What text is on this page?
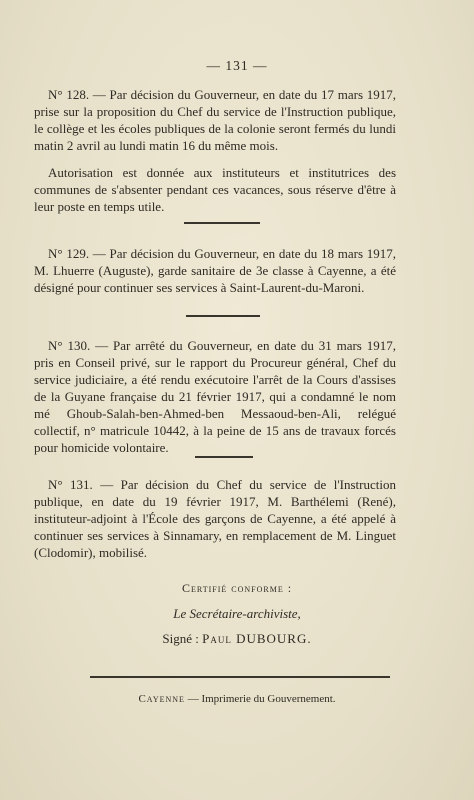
— 131 —

N° 128. — Par décision du Gouverneur, en date du 17 mars 1917, prise sur la proposition du Chef du service de l'Instruction publique, le collège et les écoles publiques de la colonie seront fermés du lundi matin 2 avril au lundi matin 16 du même mois.

Autorisation est donnée aux instituteurs et institutrices des communes de s'absenter pendant ces vacances, sous réserve d'être à leur poste en temps utile.

N° 129. — Par décision du Gouverneur, en date du 18 mars 1917, M. Lhuerre (Auguste), garde sanitaire de 3e classe à Cayenne, a été désigné pour continuer ses services à Saint-Laurent-du-Maroni.

N° 130. — Par arrêté du Gouverneur, en date du 31 mars 1917, pris en Conseil privé, sur le rapport du Procureur général, Chef du service judiciaire, a été rendu exécutoire l'arrêt de la Cours d'assises de la Guyane française du 21 février 1917, qui a condamné le nom mé Ghoub-Salah-ben-Ahmed-ben Messaoud-ben-Ali, relégué collectif, n° matricule 10442, à la peine de 15 ans de travaux forcés pour homicide volontaire.

N° 131. — Par décision du Chef du service de l'Instruction publique, en date du 19 février 1917, M. Barthélemi (René), instituteur-adjoint à l'École des garçons de Cayenne, a été appelé à continuer ses services à Sinnamary, en remplacement de M. Linguet (Clodomir), mobilisé.

Certifié conforme :
Le Secrétaire-archiviste,
Signé : Paul DUBOURG.
Cayenne — Imprimerie du Gouvernement.
